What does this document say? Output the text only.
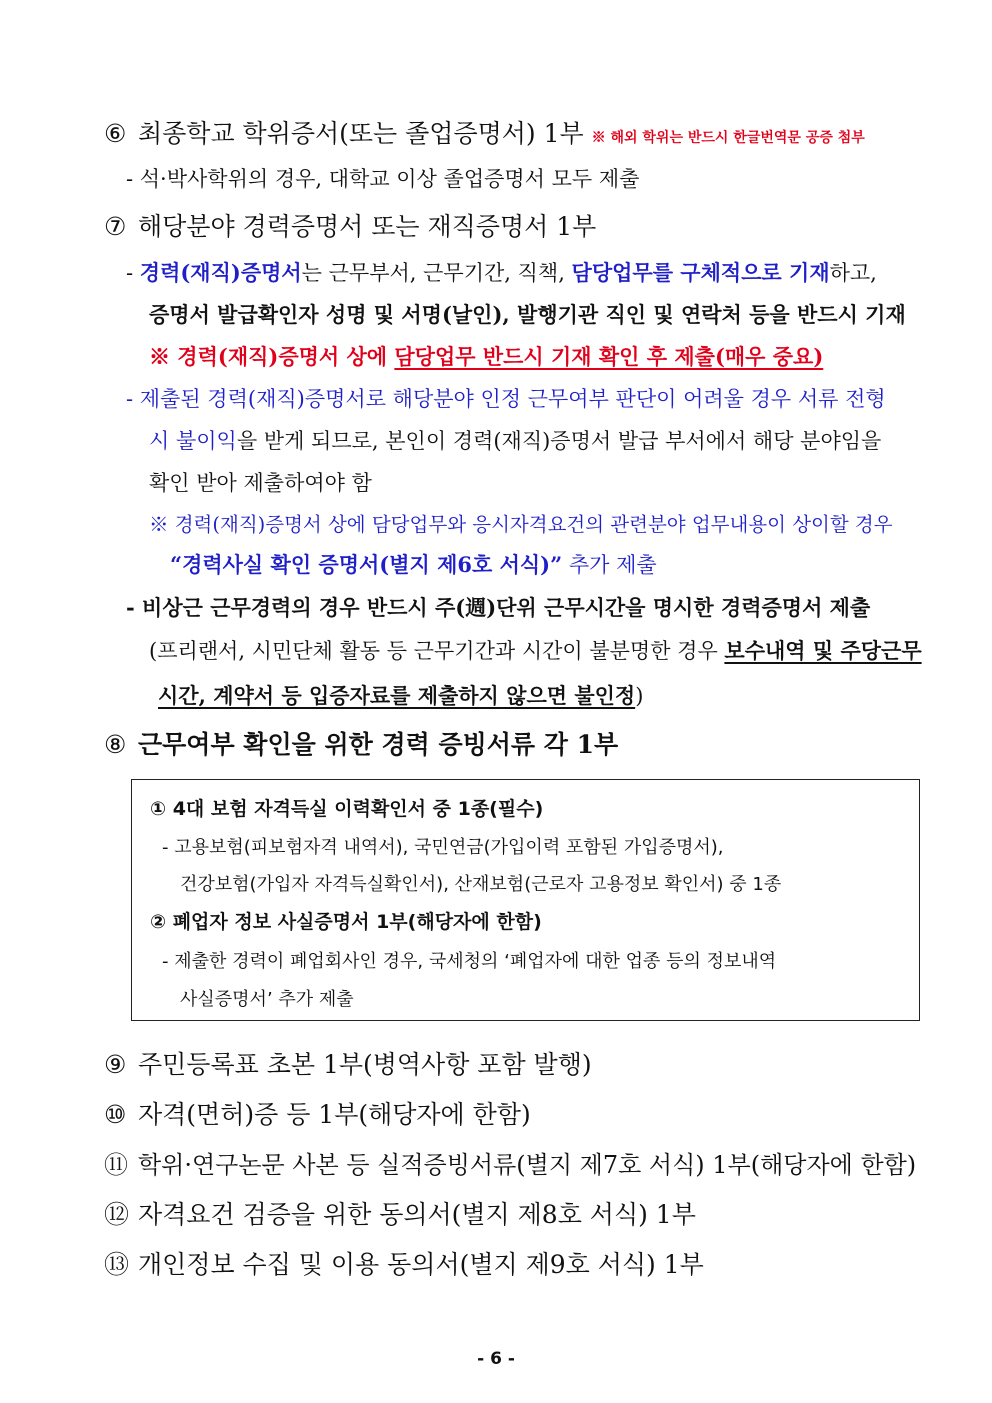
⑥ 최종학교 학위증서(또는 졸업증명서) 1부 ※ 해외 학위는 반드시 한글번역문 공증 첨부
- 석·박사학위의 경우, 대학교 이상 졸업증명서 모두 제출
⑦ 해당분야 경력증명서 또는 재직증명서 1부
- 경력(재직)증명서는 근무부서, 근무기간, 직책, 담당업무를 구체적으로 기재하고,
증명서 발급확인자 성명 및 서명(날인), 발행기관 직인 및 연락처 등을 반드시 기재
※ 경력(재직)증명서 상에 담당업무 반드시 기재 확인 후 제출(매우 중요)
- 제출된 경력(재직)증명서로 해당분야 인정 근무여부 판단이 어려울 경우 서류 전형
시 불이익을 받게 되므로, 본인이 경력(재직)증명서 발급 부서에서 해당 분야임을
확인 받아 제출하여야 함
※ 경력(재직)증명서 상에 담당업무와 응시자격요건의 관련분야 업무내용이 상이할 경우
“경력사실 확인 증명서(별지 제6호 서식)” 추가 제출
- 비상근 근무경력의 경우 반드시 주(週)단위 근무시간을 명시한 경력증명서 제출
(프리랜서, 시민단체 활동 등 근무기간과 시간이 불분명한 경우 보수내역 및 주당근무
시간, 계약서 등 입증자료를 제출하지 않으면 불인정)
⑧ 근무여부 확인을 위한 경력 증빙서류 각 1부
① 4대 보험 자격득실 이력확인서 중 1종(필수)
- 고용보험(피보험자격 내역서), 국민연금(가입이력 포함된 가입증명서),
건강보험(가입자 자격득실확인서), 산재보험(근로자 고용정보 확인서) 중 1종
② 폐업자 정보 사실증명서 1부(해당자에 한함)
- 제출한 경력이 폐업회사인 경우, 국세청의 ‘폐업자에 대한 업종 등의 정보내역
사실증명서’ 추가 제출
⑨ 주민등록표 초본 1부(병역사항 포함 발행)
⑩ 자격(면허)증 등 1부(해당자에 한함)
⑪ 학위·연구논문 사본 등 실적증빙서류(별지 제7호 서식) 1부(해당자에 한함)
⑫ 자격요건 검증을 위한 동의서(별지 제8호 서식) 1부
⑬ 개인정보 수집 및 이용 동의서(별지 제9호 서식) 1부
- 6 -
